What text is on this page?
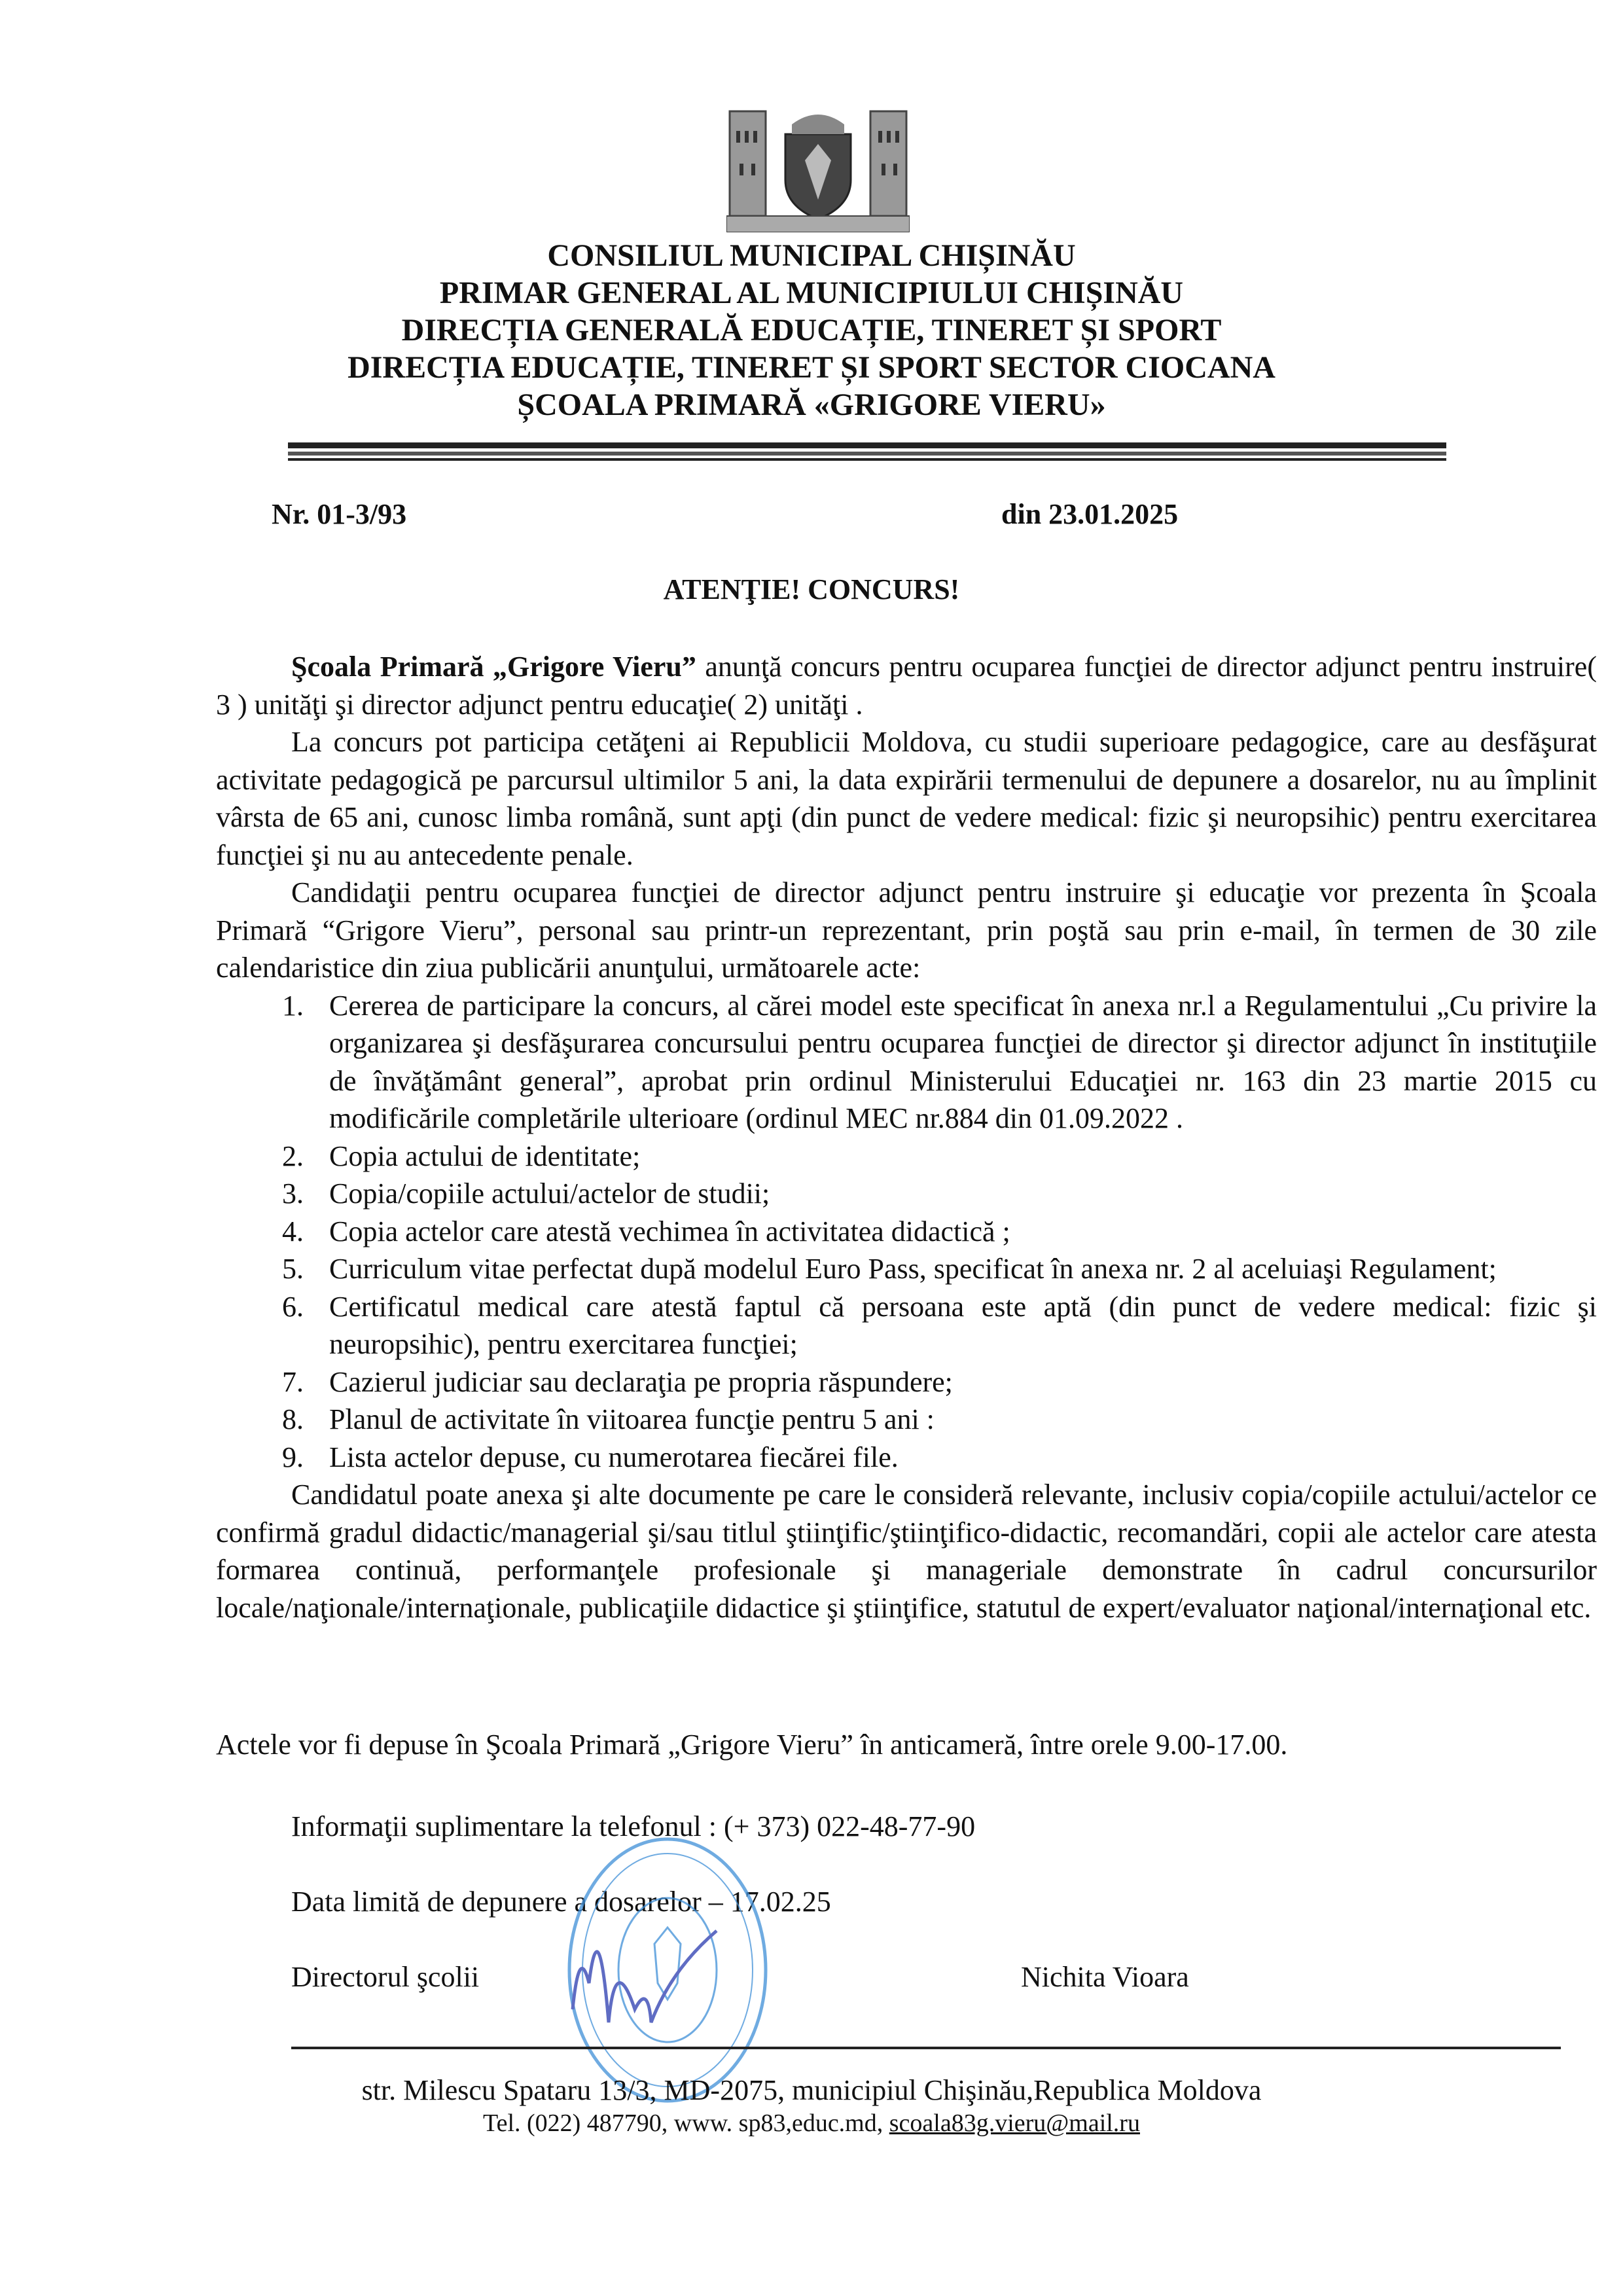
CONSILIUL MUNICIPAL CHIȘINĂU
PRIMAR GENERAL AL MUNICIPIULUI CHIȘINĂU
DIRECȚIA GENERALĂ EDUCAȚIE, TINERET ȘI SPORT
DIRECȚIA EDUCAȚIE, TINERET ȘI SPORT SECTOR CIOCANA
ȘCOALA PRIMARĂ «GRIGORE VIERU»
Nr. 01-3/93	din 23.01.2025
ATENŢIE! CONCURS!

Şcoala Primară „Grigore Vieru” anunţă concurs pentru ocuparea funcţiei de director adjunct pentru instruire( 3 ) unităţi şi director adjunct pentru educaţie( 2) unităţi .

La concurs pot participa cetăţeni ai Republicii Moldova, cu studii superioare pedagogice, care au desfăşurat activitate pedagogică pe parcursul ultimilor 5 ani, la data expirării termenului de depunere a dosarelor, nu au împlinit vârsta de 65 ani, cunosc limba română, sunt apţi (din punct de vedere medical: fizic şi neuropsihic) pentru exercitarea funcţiei şi nu au antecedente penale.

Candidaţii pentru ocuparea funcţiei de director adjunct pentru instruire şi educaţie vor prezenta în Şcoala Primară “Grigore Vieru”, personal sau printr-un reprezentant, prin poştă sau prin e-mail, în termen de 30 zile calendaristice din ziua publicării anunţului, următoarele acte:

1. Cererea de participare la concurs, al cărei model este specificat în anexa nr.l a Regulamentului „Cu privire la organizarea şi desfăşurarea concursului pentru ocuparea funcţiei de director şi director adjunct în instituţiile de învăţământ general”, aprobat prin ordinul Ministerului Educaţiei nr. 163 din 23 martie 2015 cu modificările completările ulterioare (ordinul MEC nr.884 din 01.09.2022 .
2. Copia actului de identitate;
3. Copia/copiile actului/actelor de studii;
4. Copia actelor care atestă vechimea în activitatea didactică ;
5. Curriculum vitae perfectat după modelul Euro Pass, specificat în anexa nr. 2 al aceluiaşi Regulament;
6. Certificatul medical care atestă faptul că persoana este aptă (din punct de vedere medical: fizic şi neuropsihic), pentru exercitarea funcţiei;
7. Cazierul judiciar sau declaraţia pe propria răspundere;
8. Planul de activitate în viitoarea funcţie pentru 5 ani :
9. Lista actelor depuse, cu numerotarea fiecărei file.

Candidatul poate anexa şi alte documente pe care le consideră relevante, inclusiv copia/copiile actului/actelor ce confirmă gradul didactic/managerial şi/sau titlul ştiinţific/ştiinţifico-didactic, recomandări, copii ale actelor care atesta formarea continuă, performanţele profesionale şi manageriale demonstrate în cadrul concursurilor locale/naţionale/internaţionale, publicaţiile didactice şi ştiinţifice, statutul de expert/evaluator naţional/internaţional etc.

Actele vor fi depuse în Şcoala Primară „Grigore Vieru” în anticameră, între orele 9.00-17.00.
Informaţii suplimentare la telefonul : (+ 373) 022-48-77-90
Data limită de depunere a dosarelor – 17.02.25
Directorul şcolii	Nichita Vioara
str. Milescu Spataru 13/3, MD-2075, municipiul Chişinău,Republica Moldova
Tel. (022) 487790, www. sp83,educ.md, scoala83g.vieru@mail.ru
